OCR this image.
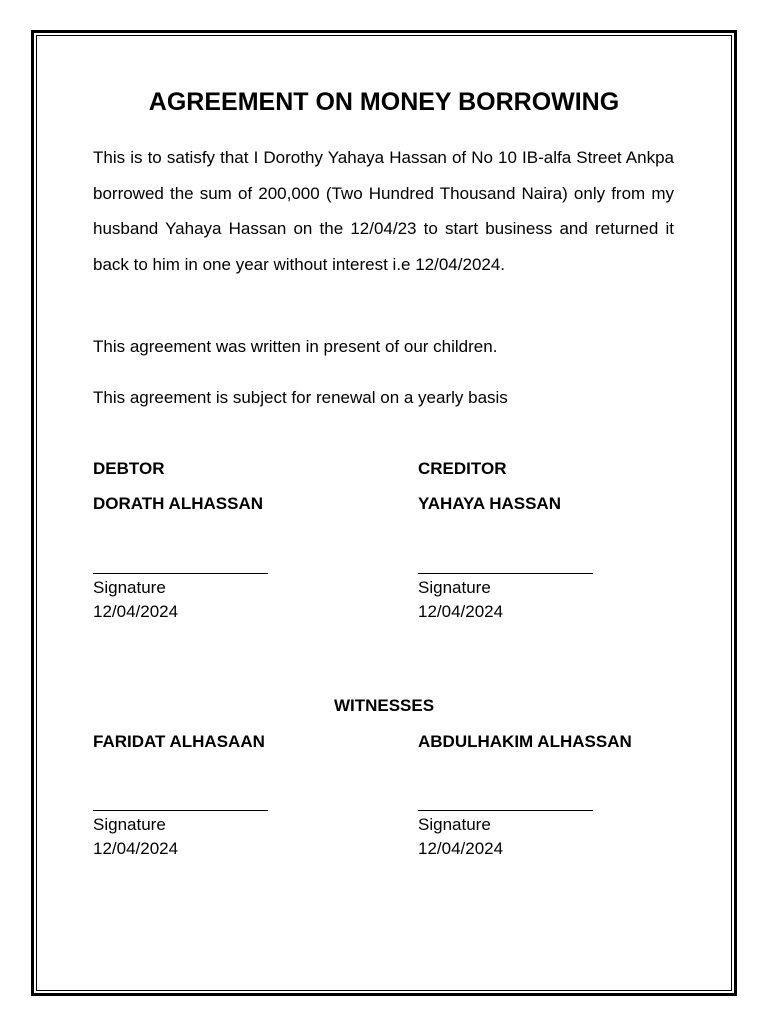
AGREEMENT ON MONEY BORROWING

This is to satisfy that I Dorothy Yahaya Hassan of No 10 IB-alfa Street Ankpa borrowed the sum of 200,000 (Two Hundred Thousand Naira) only from my husband Yahaya Hassan on the 12/04/23 to start business and returned it back to him in one year without interest i.e 12/04/2024.

This agreement was written in present of our children.

This agreement is subject for renewal on a yearly basis

DEBTOR
DORATH ALHASSAN
Signature
12/04/2024
CREDITOR
YAHAYA HASSAN
Signature
12/04/2024
WITNESSES
FARIDAT ALHASAAN
Signature
12/04/2024
ABDULHAKIM ALHASSAN
Signature
12/04/2024
